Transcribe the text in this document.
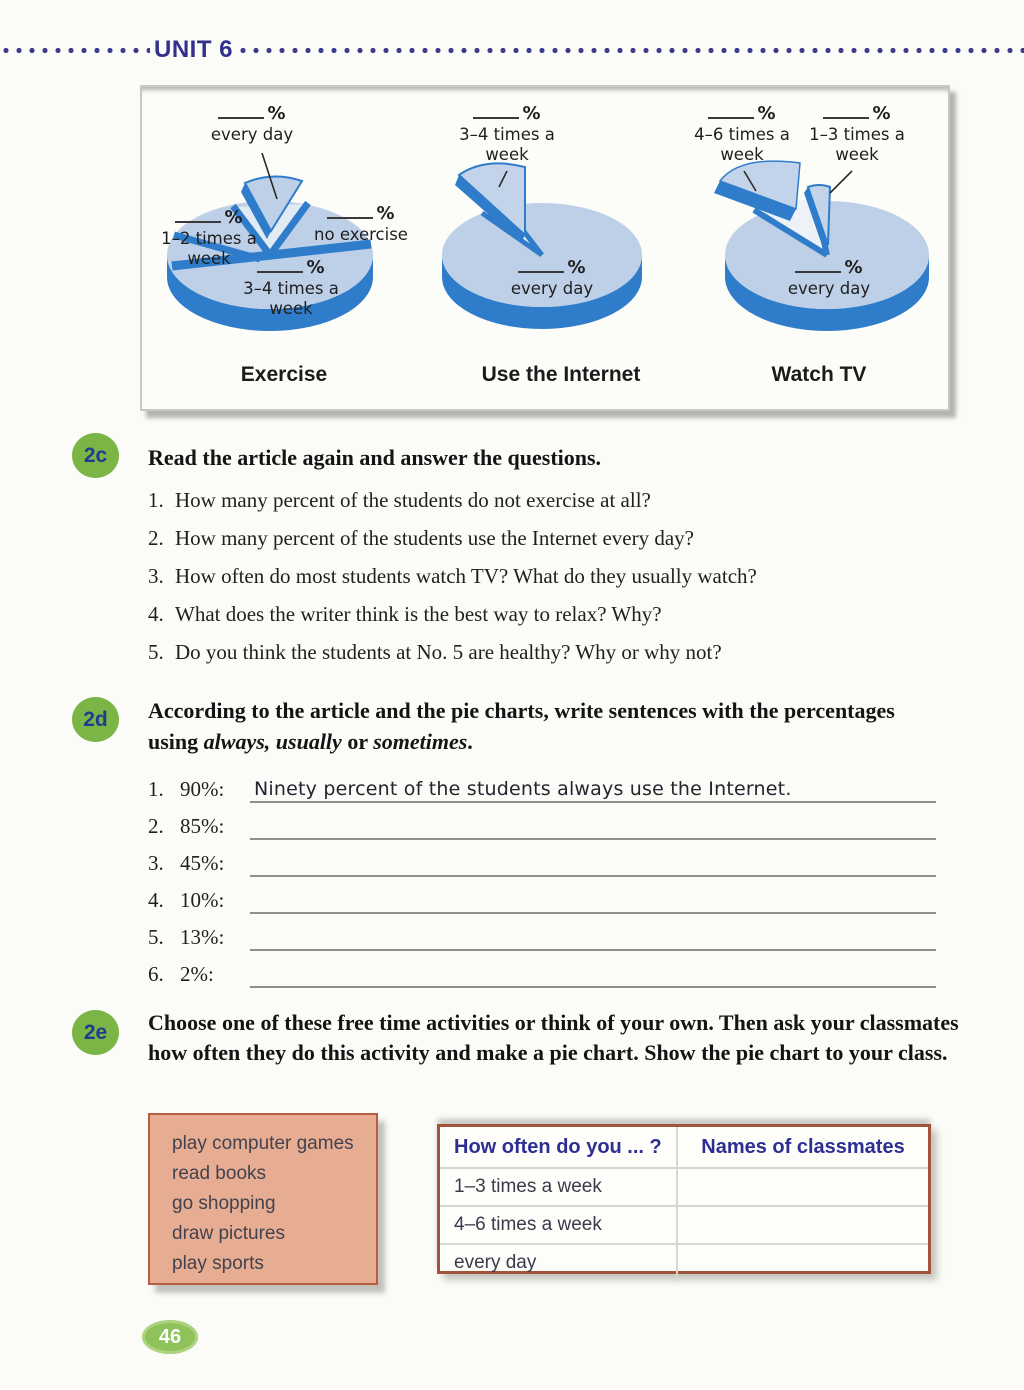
UNIT 6
%
every day
%
1–2 times a week
%
no exercise
%
3–4 times a week
Exercise
%
3–4 times a week
%
every day
Use the Internet
%
4–6 times a week
%
1–3 times a week
%
every day
Watch TV
2c	Read the article again and answer the questions.
1. How many percent of the students do not exercise at all?
2. How many percent of the students use the Internet every day?
3. How often do most students watch TV? What do they usually watch?
4. What does the writer think is the best way to relax? Why?
5. Do you think the students at No. 5 are healthy? Why or why not?
2d	According to the article and the pie charts, write sentences with the percentages using always, usually or sometimes.
1. 90%:	Ninety percent of the students always use the Internet.
2. 85%:
3. 45%:
4. 10%:
5. 13%:
6. 2%:
2e	Choose one of these free time activities or think of your own. Then ask your classmates how often they do this activity and make a pie chart. Show the pie chart to your class.
play computer games
read books
go shopping
draw pictures
play sports
How often do you ... ?	Names of classmates
1–3 times a week
4–6 times a week
every day
46
